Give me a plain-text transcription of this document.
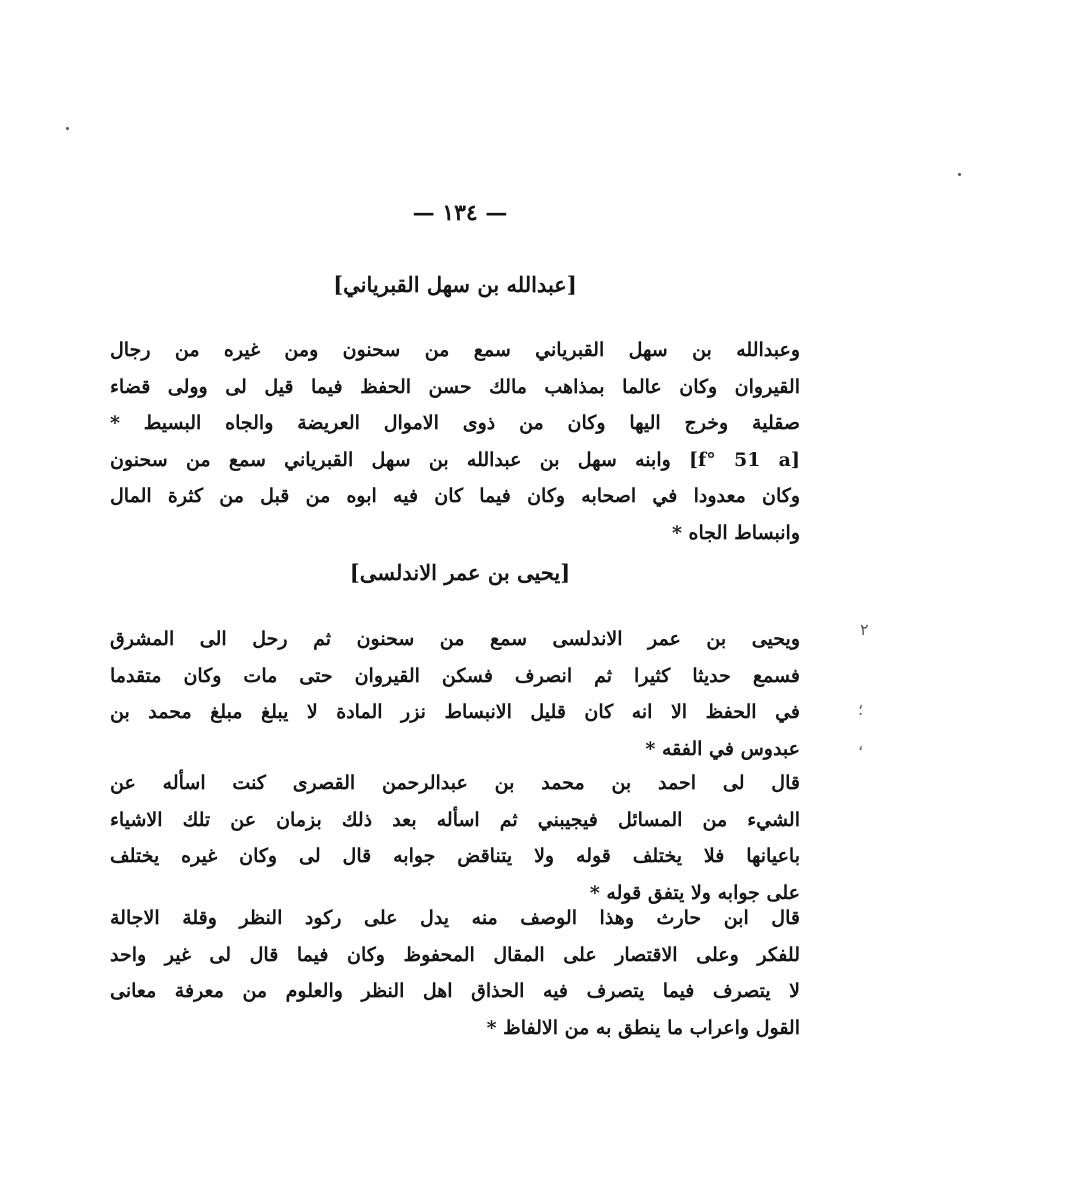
— ١٣٤ —
[عبدالله بن سهل القبرياني]
وعبدالله بن سهل القبرياني سمع من سحنون ومن غيره من رجال
القيروان وكان عالما بمذاهب مالك حسن الحفظ فيما قيل لى وولى قضاء
صقلية وخرج اليها وكان من ذوى الاموال العريضة والجاه البسيط *
[f° 51 a] وابنه سهل بن عبدالله بن سهل القبرياني سمع من سحنون
وكان معدودا في اصحابه وكان فيما كان فيه ابوه من قبل من كثرة المال
وانبساط الجاه *
[يحيى بن عمر الاندلسى]
ويحيى بن عمر الاندلسى سمع من سحنون ثم رحل الى المشرق
فسمع حديثا كثيرا ثم انصرف فسكن القيروان حتى مات وكان متقدما
في الحفظ الا انه كان قليل الانبساط نزر المادة لا يبلغ مبلغ محمد بن
عبدوس في الفقه *
قال لى احمد بن محمد بن عبدالرحمن القصرى كنت اسأله عن
الشيء من المسائل فيجيبني ثم اسأله بعد ذلك بزمان عن تلك الاشياء
باعيانها فلا يختلف قوله ولا يتناقض جوابه قال لى وكان غيره يختلف
على جوابه ولا يتفق قوله *
قال ابن حارث وهذا الوصف منه يدل على ركود النظر وقلة الاجالة
للفكر وعلى الاقتصار على المقال المحفوظ وكان فيما قال لى غير واحد
لا يتصرف فيما يتصرف فيه الحذاق اهل النظر والعلوم من معرفة معانى
القول واعراب ما ينطق به من الالفاظ *
٢
؛
،
